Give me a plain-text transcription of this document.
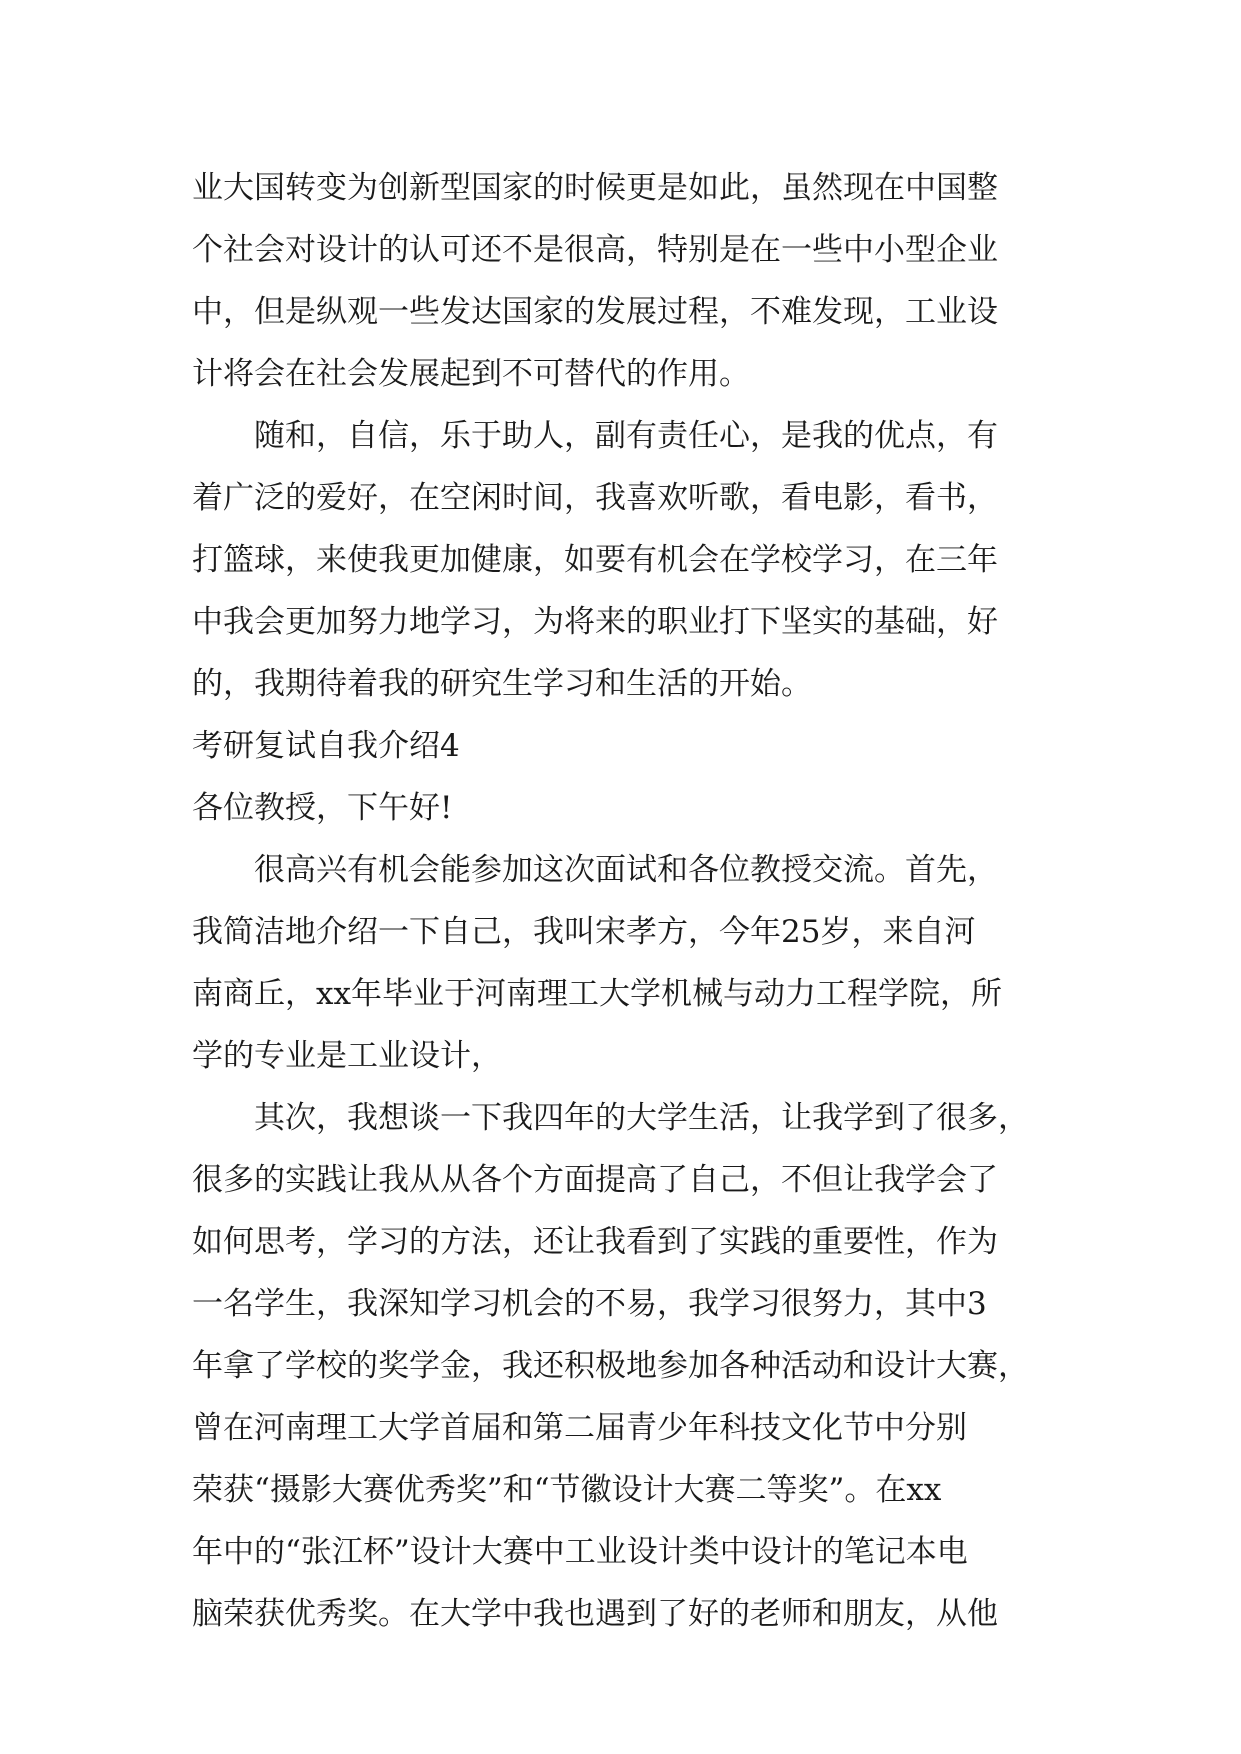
业大国转变为创新型国家的时候更是如此，虽然现在中国整
个社会对设计的认可还不是很高，特别是在一些中小型企业
中，但是纵观一些发达国家的发展过程，不难发现，工业设
计将会在社会发展起到不可替代的作用。
随和，自信，乐于助人，副有责任心，是我的优点，有
着广泛的爱好，在空闲时间，我喜欢听歌，看电影，看书，
打篮球，来使我更加健康，如要有机会在学校学习，在三年
中我会更加努力地学习，为将来的职业打下坚实的基础，好
的，我期待着我的研究生学习和生活的开始。
考研复试自我介绍4
各位教授，下午好!
很高兴有机会能参加这次面试和各位教授交流。首先，
我简洁地介绍一下自己，我叫宋孝方，今年25岁，来自河
南商丘，xx年毕业于河南理工大学机械与动力工程学院，所
学的专业是工业设计，
其次，我想谈一下我四年的大学生活，让我学到了很多，
很多的实践让我从从各个方面提高了自己，不但让我学会了
如何思考，学习的方法，还让我看到了实践的重要性，作为
一名学生，我深知学习机会的不易，我学习很努力，其中3
年拿了学校的奖学金，我还积极地参加各种活动和设计大赛，
曾在河南理工大学首届和第二届青少年科技文化节中分别
荣获“摄影大赛优秀奖”和“节徽设计大赛二等奖”。在xx
年中的“张江杯”设计大赛中工业设计类中设计的笔记本电
脑荣获优秀奖。在大学中我也遇到了好的老师和朋友，从他
